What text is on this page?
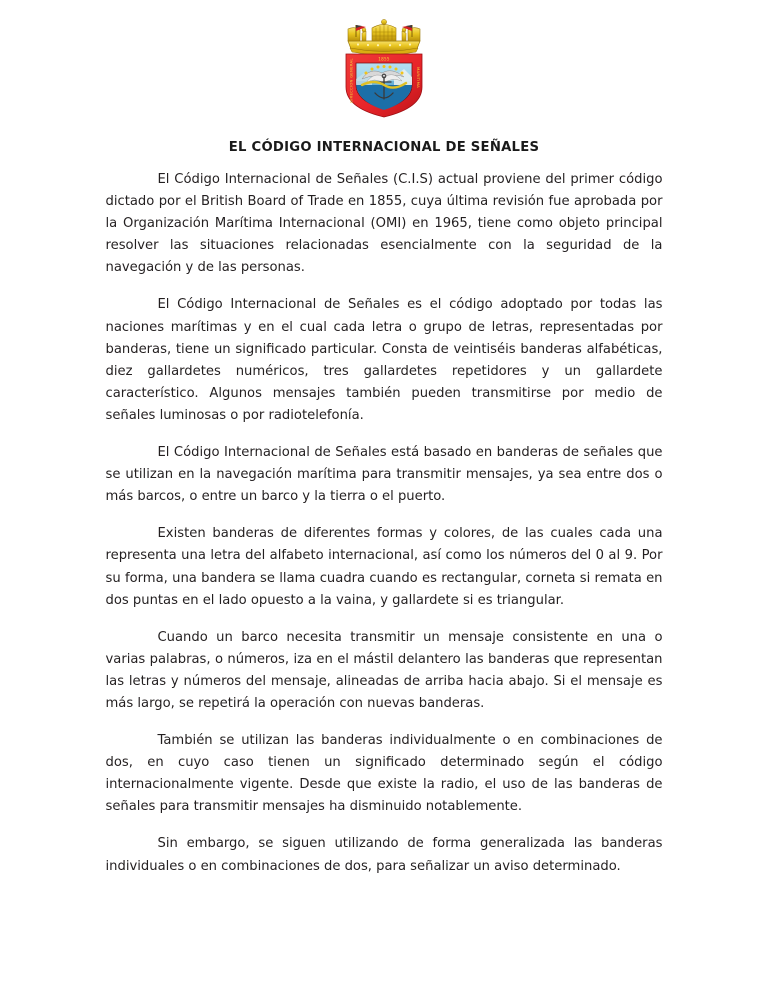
1855
DIRECCION GENERAL	MARITIMA
EL CÓDIGO INTERNACIONAL DE SEÑALES

El Código Internacional de Señales (C.I.S) actual proviene del primer código dictado por el British Board of Trade en 1855, cuya última revisión fue aprobada por la Organización Marítima Internacional (OMI) en 1965, tiene como objeto principal resolver las situaciones relacionadas esencialmente con la seguridad de la navegación y de las personas.

El Código Internacional de Señales es el código adoptado por todas las naciones marítimas y en el cual cada letra o grupo de letras, representadas por banderas, tiene un significado particular. Consta de veintiséis banderas alfabéticas, diez gallardetes numéricos, tres gallardetes repetidores y un gallardete característico. Algunos mensajes también pueden transmitirse por medio de señales luminosas o por radiotelefonía.

El Código Internacional de Señales está basado en banderas de señales que se utilizan en la navegación marítima para transmitir mensajes, ya sea entre dos o más barcos, o entre un barco y la tierra o el puerto.

Existen banderas de diferentes formas y colores, de las cuales cada una representa una letra del alfabeto internacional, así como los números del 0 al 9. Por su forma, una bandera se llama cuadra cuando es rectangular, corneta si remata en dos puntas en el lado opuesto a la vaina, y gallardete si es triangular.

Cuando un barco necesita transmitir un mensaje consistente en una o varias palabras, o números, iza en el mástil delantero las banderas que representan las letras y números del mensaje, alineadas de arriba hacia abajo. Si el mensaje es más largo, se repetirá la operación con nuevas banderas.

También se utilizan las banderas individualmente o en combinaciones de dos, en cuyo caso tienen un significado determinado según el código internacionalmente vigente. Desde que existe la radio, el uso de las banderas de señales para transmitir mensajes ha disminuido notablemente.

Sin embargo, se siguen utilizando de forma generalizada las banderas individuales o en combinaciones de dos, para señalizar un aviso determinado.
